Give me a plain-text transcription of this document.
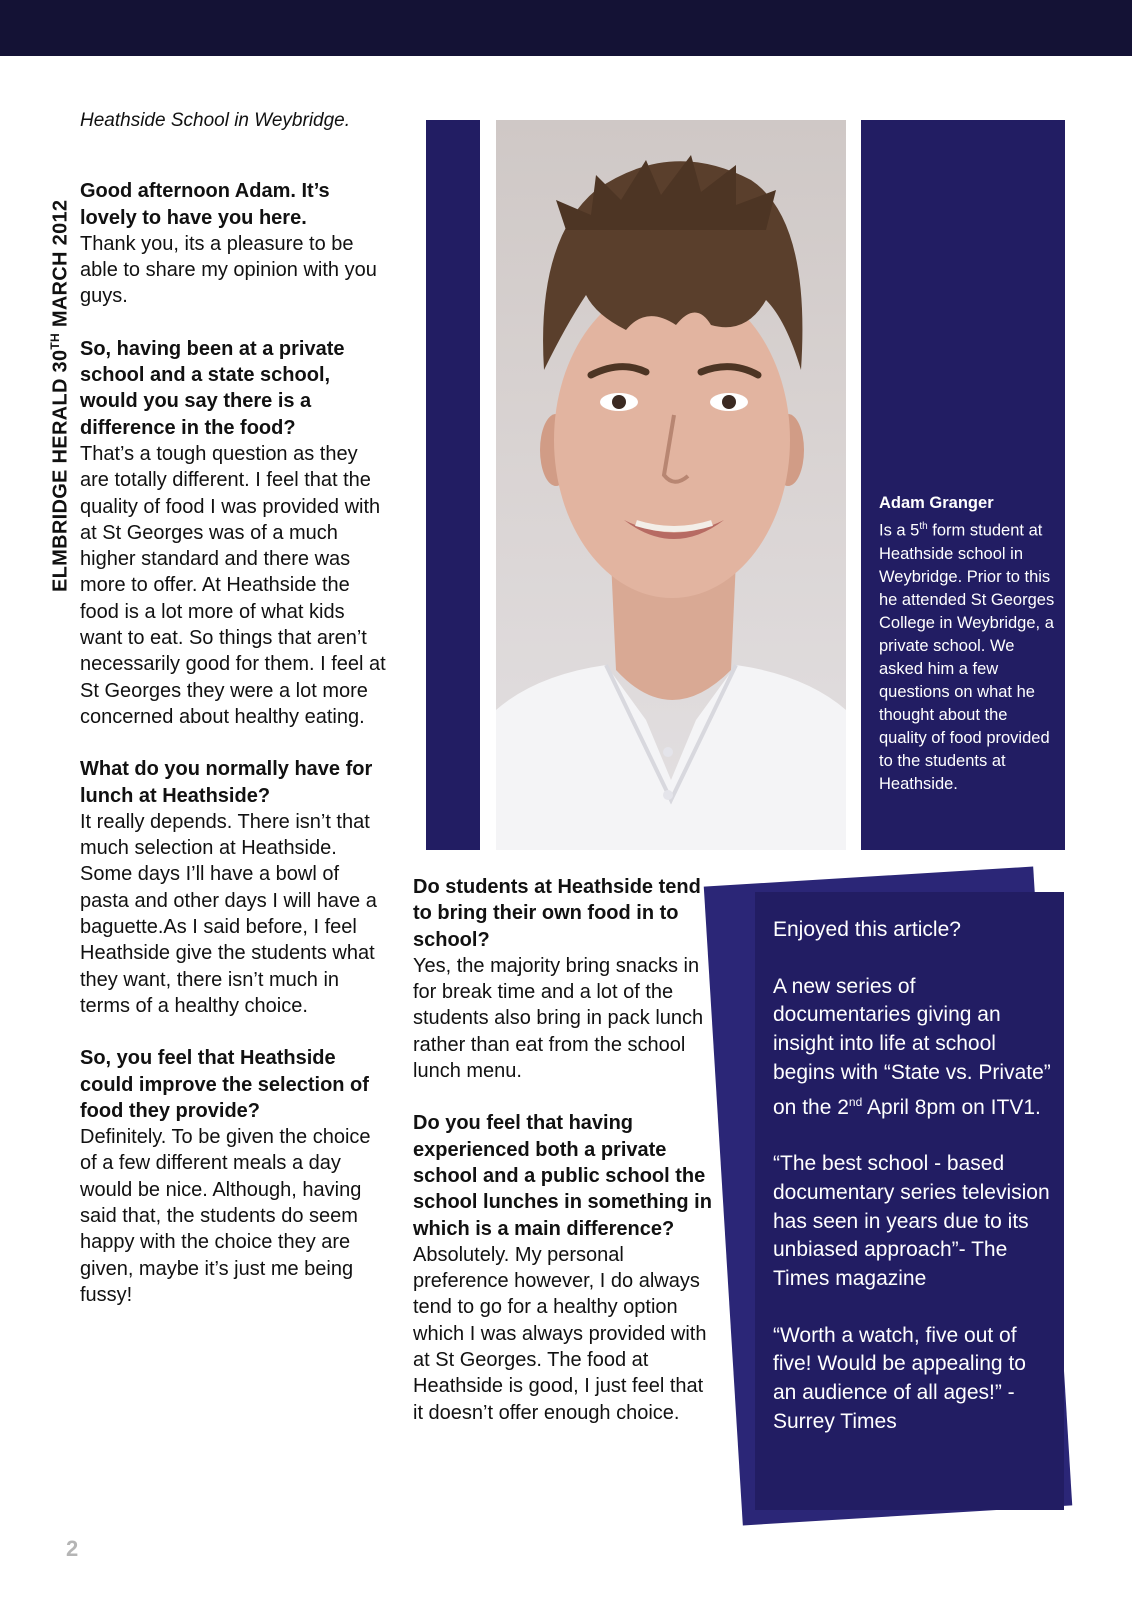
ELMBRIDGE HERALD 30TH MARCH 2012

Heathside School in Weybridge.

Good afternoon Adam. It’s lovely to have you here.
Thank you, its a pleasure to be able to share my opinion with you guys.

So, having been at a private school and a state school, would you say there is a difference in the food?
That’s a tough question as they are totally different. I feel that the quality of food I was provided with at St Georges was of a much higher standard and there was more to offer. At Heathside the food is a lot more of what kids want to eat. So things that aren’t necessarily good for them. I feel at St Georges they were a lot more concerned about healthy eating.

What do you normally have for lunch at Heathside?
It really depends. There isn’t that much selection at Heathside. Some days I’ll have a bowl of pasta and other days I will have a baguette.As I said before, I feel Heathside give the students what they want, there isn’t much in terms of a healthy choice.

So, you feel that Heathside could improve the selection of food they provide?
Definitely. To be given the choice of a few different meals a day would be nice. Although, having said that, the students do seem happy with the choice they are given, maybe it’s just me being fussy!

Adam Granger
Is a 5th form student at Heathside school in Weybridge. Prior to this he attended St Georges College in Weybridge, a private school. We asked him a few questions on what he thought about the quality of food provided to the students at Heathside.

Do students at Heathside tend to bring their own food in to school?
Yes, the majority bring snacks in for break time and a lot of the students also bring in pack lunch rather than eat from the school lunch menu.

Do you feel that having experienced both a private school and a public school the school lunches in something in which is a main difference?
Absolutely. My personal preference however, I do always tend to go for a healthy option which I was always provided with at St Georges. The food at Heathside is good, I just feel that it doesn’t offer enough choice.

Enjoyed this article?

A new series of documentaries giving an insight into life at school begins with “State vs. Private” on the 2nd April 8pm on ITV1.

“The best school - based documentary series television has seen in years due to its unbiased approach”- The Times magazine

“Worth a watch, five out of five! Would be appealing to an audience of all ages!” - Surrey Times

2
